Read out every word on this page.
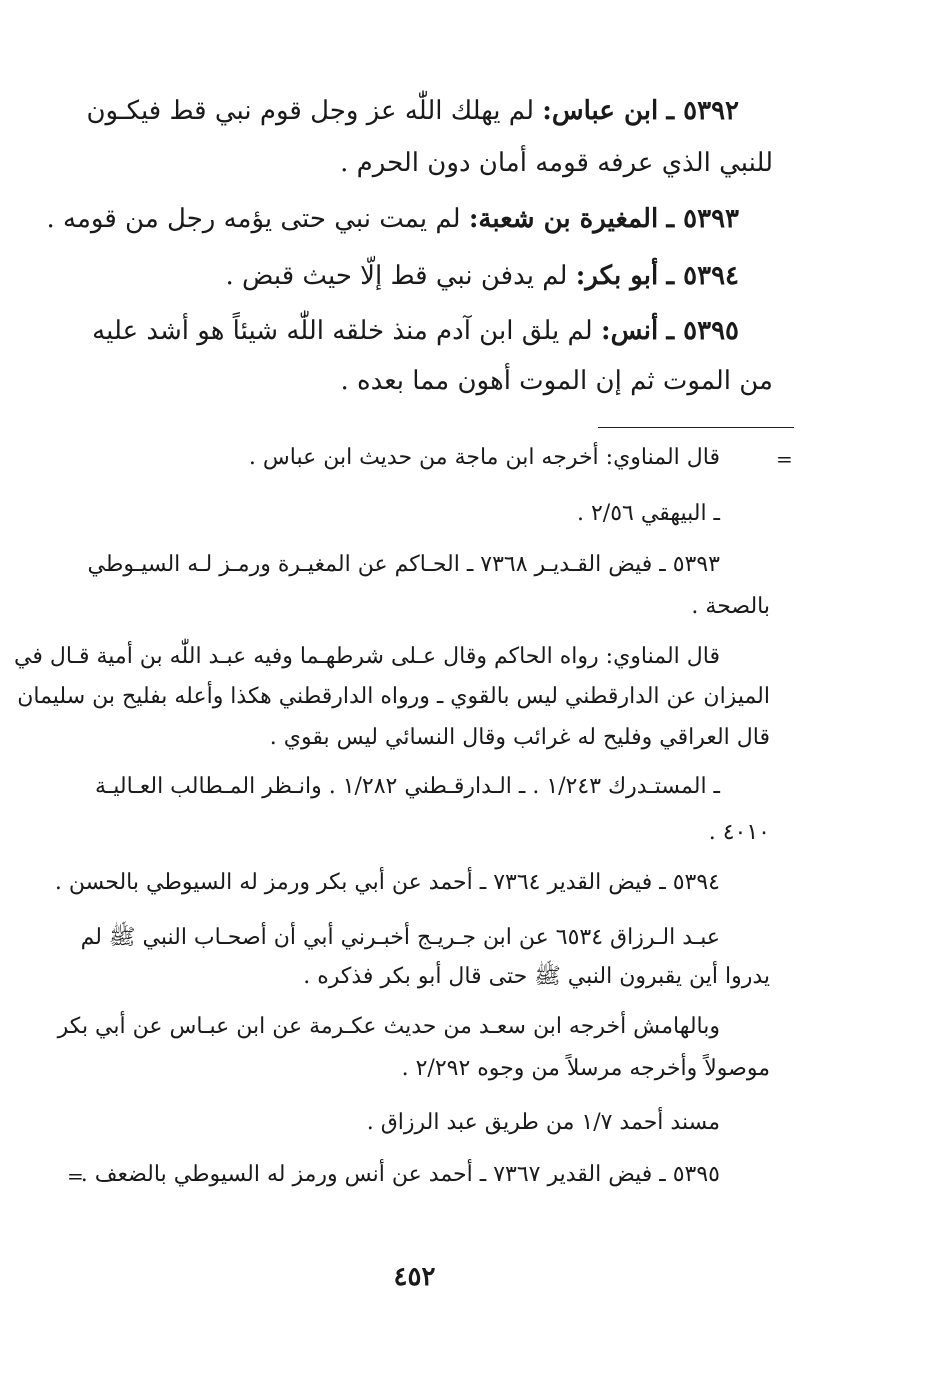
٥٣٩٢ ـ ابن عباس: لم يهلك اللّٰه عز وجل قوم نبي قط فيكـون
للنبي الذي عرفه قومه أمان دون الحرم .
٥٣٩٣ ـ المغيرة بن شعبة: لم يمت نبي حتى يؤمه رجل من قومه .
٥٣٩٤ ـ أبو بكر: لم يدفن نبي قط إلّا حيث قبض .
٥٣٩٥ ـ أنس: لم يلق ابن آدم منذ خلقه اللّٰه شيئاً هو أشد عليه
من الموت ثم إن الموت أهون مما بعده .
=
قال المناوي: أخرجه ابن ماجة من حديث ابن عباس .
ـ البيهقي ٢/٥٦ .
٥٣٩٣ ـ فيض القـديـر ٧٣٦٨ ـ الحـاكم عن المغيـرة ورمـز لـه السيـوطي
بالصحة .
قال المناوي: رواه الحاكم وقال عـلى شرطهـما وفيه عبـد اللّٰه بن أمية قـال في
الميزان عن الدارقطني ليس بالقوي ـ ورواه الدارقطني هكذا وأعله بفليح بن سليمان
قال العراقي وفليح له غرائب وقال النسائي ليس بقوي .
ـ المستـدرك ١/٢٤٣ . ـ الـدارقـطني ١/٢٨٢ . وانـظر المـطالب العـاليـة
٤٠١٠ .
٥٣٩٤ ـ فيض القدير ٧٣٦٤ ـ أحمد عن أبي بكر ورمز له السيوطي بالحسن .
عبـد الـرزاق ٦٥٣٤ عن ابن جـريـج أخبـرني أبي أن أصحـاب النبي ﷺ لم
يدروا أين يقبرون النبي ﷺ حتى قال أبو بكر فذكره .
وبالهامش أخرجه ابن سعـد من حديث عكـرمة عن ابن عبـاس عن أبي بكر
موصولاً وأخرجه مرسلاً من وجوه ٢/٢٩٢ .
مسند أحمد ١/٧ من طريق عبد الرزاق .
٥٣٩٥ ـ فيض القدير ٧٣٦٧ ـ أحمد عن أنس ورمز له السيوطي بالضعف .
=
٤٥٢
